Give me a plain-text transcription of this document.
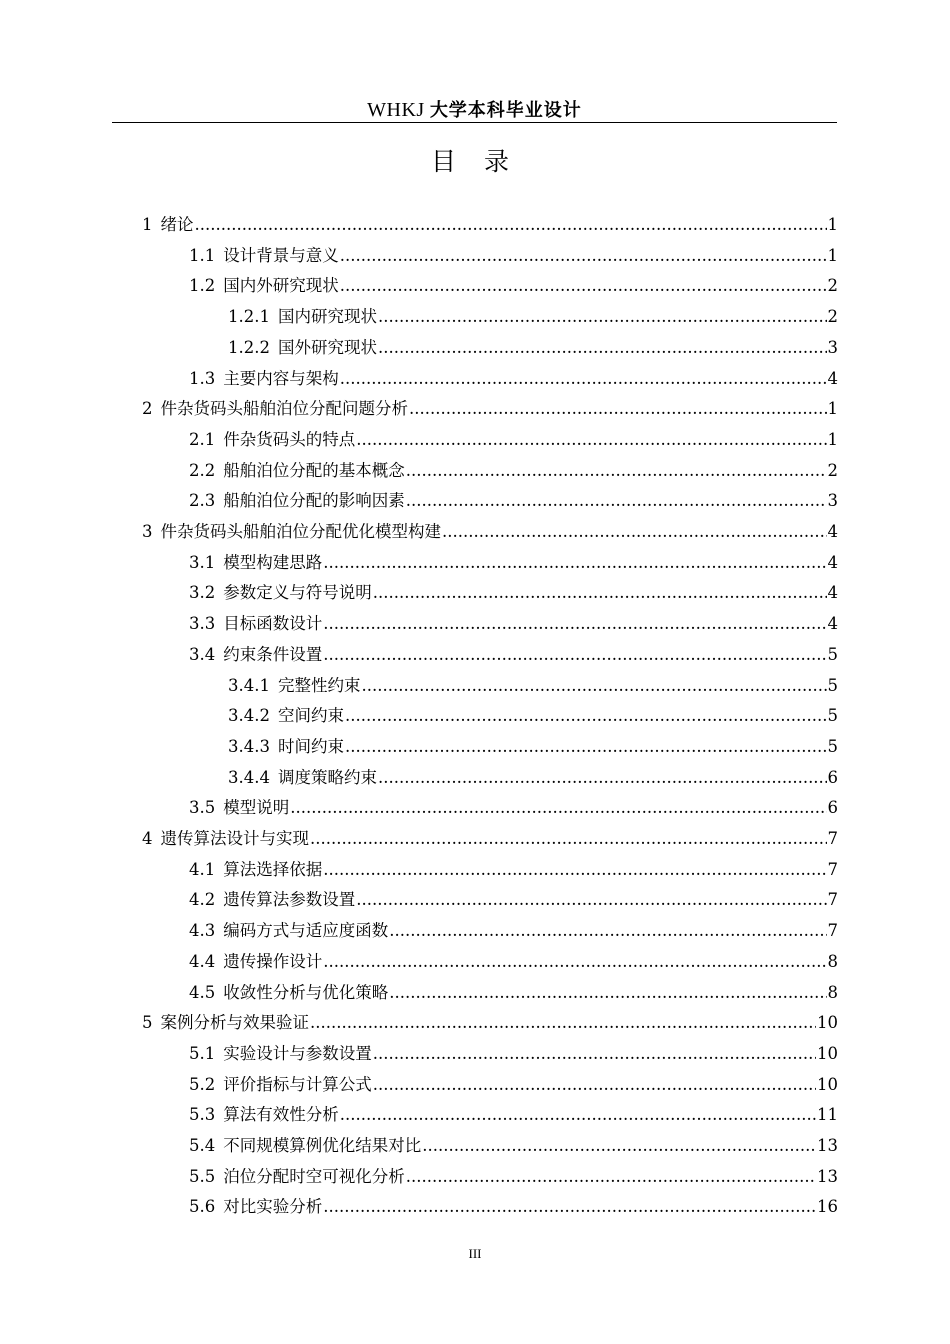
WHKJ 大学本科毕业设计
目 录
1 绪论 .....	1
1.1 设计背景与意义 .....	1
1.2 国内外研究现状 .....	2
1.2.1 国内研究现状 .....	2
1.2.2 国外研究现状 .....	3
1.3 主要内容与架构 .....	4
2 件杂货码头船舶泊位分配问题分析 .....	1
2.1 件杂货码头的特点 .....	1
2.2 船舶泊位分配的基本概念 .....	2
2.3 船舶泊位分配的影响因素 .....	3
3 件杂货码头船舶泊位分配优化模型构建 .....	4
3.1 模型构建思路 .....	4
3.2 参数定义与符号说明 .....	4
3.3 目标函数设计 .....	4
3.4 约束条件设置 .....	5
3.4.1 完整性约束 .....	5
3.4.2 空间约束 .....	5
3.4.3 时间约束 .....	5
3.4.4 调度策略约束 .....	6
3.5 模型说明 .....	6
4 遗传算法设计与实现 .....	7
4.1 算法选择依据 .....	7
4.2 遗传算法参数设置 .....	7
4.3 编码方式与适应度函数 .....	7
4.4 遗传操作设计 .....	8
4.5 收敛性分析与优化策略 .....	8
5 案例分析与效果验证 .....	10
5.1 实验设计与参数设置 .....	10
5.2 评价指标与计算公式 .....	10
5.3 算法有效性分析 .....	11
5.4 不同规模算例优化结果对比 .....	13
5.5 泊位分配时空可视化分析 .....	13
5.6 对比实验分析 .....	16
III
